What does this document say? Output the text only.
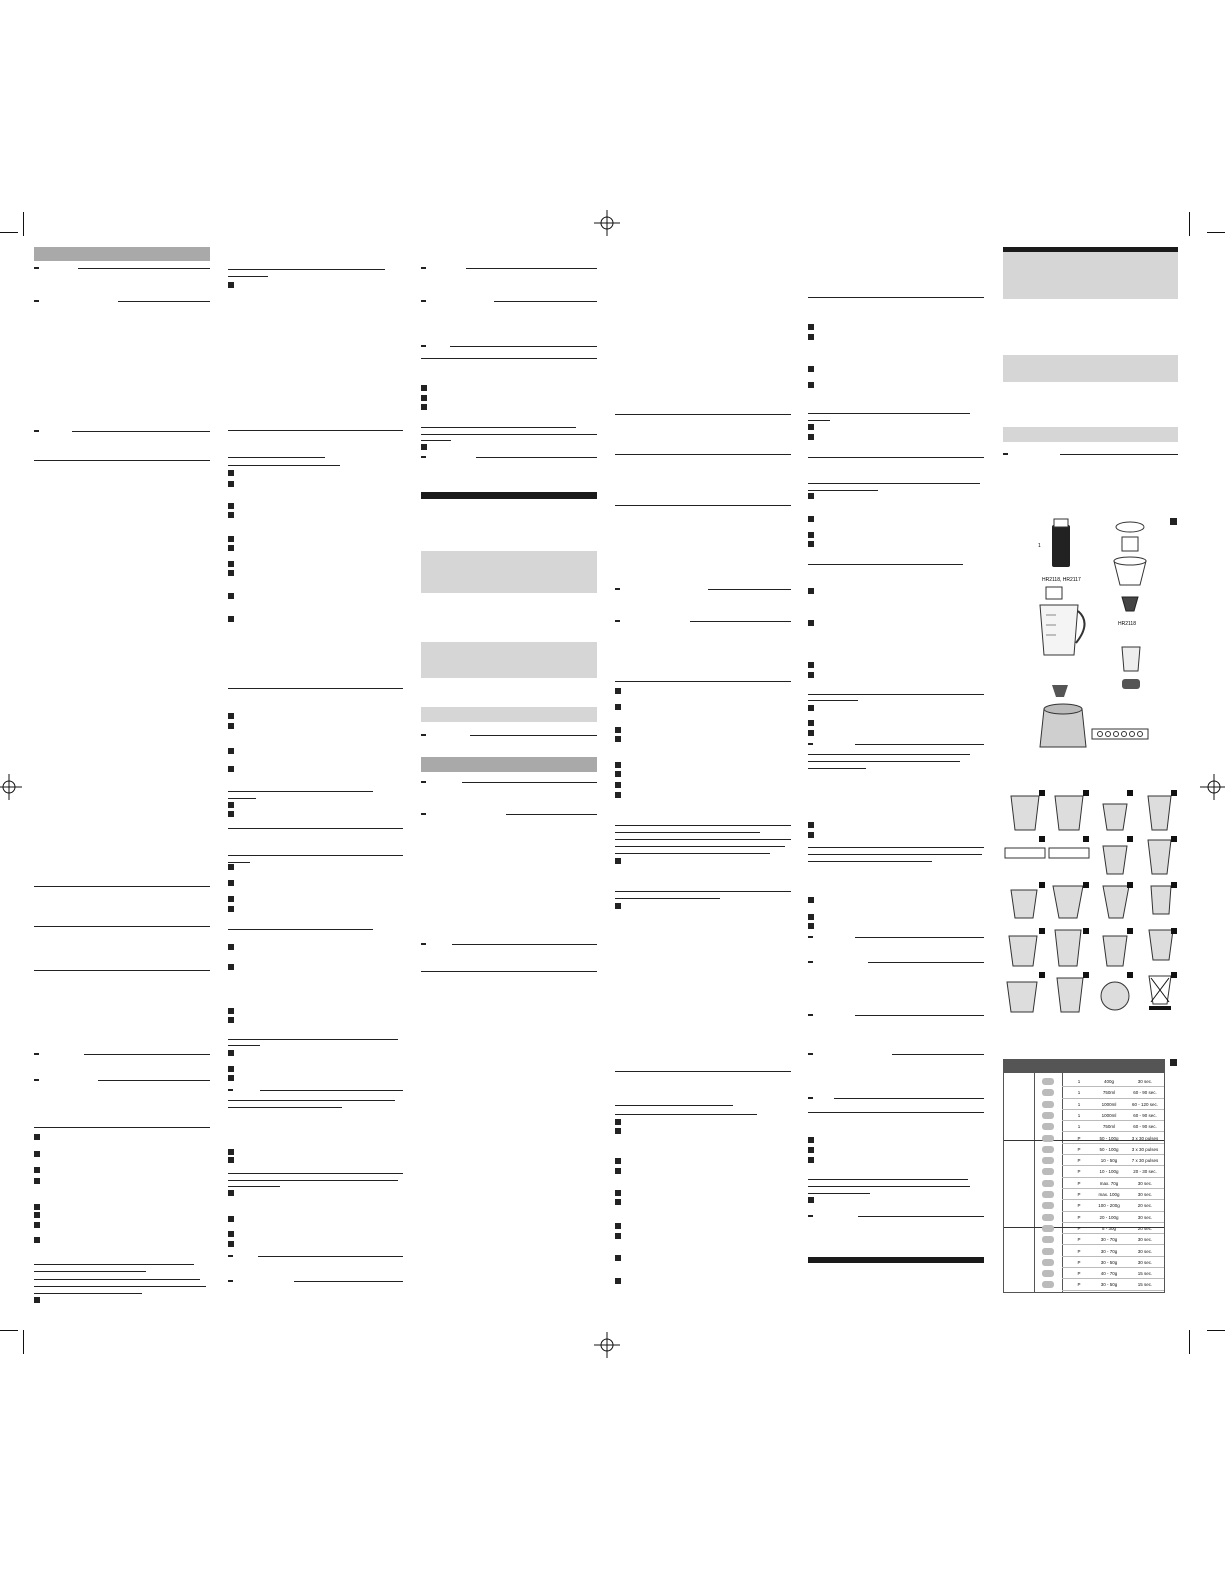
1
HR2118, HR2117
HR2118
1	400g	30 sec.
1	750ml	60 - 90 sec.
1	1000ml	60 - 120 sec.
1	1000ml	60 - 90 sec.
1	750ml	60 - 90 sec.
P	50 - 100g	3 x 30 pulses
P	50 - 100g	3 x 30 pulses
P	10 - 50g	7 x 30 pulses
P	10 - 100g	20 - 30 sec.
P	max. 70g	30 sec.
P	max. 100g	30 sec.
P	100 - 200g	20 sec.
P	20 - 100g	30 sec.
P	5 - 30g	20 sec.
P	30 - 70g	30 sec.
P	30 - 70g	30 sec.
P	30 - 50g	30 sec.
P	40 - 70g	15 sec.
P	30 - 50g	15 sec.
